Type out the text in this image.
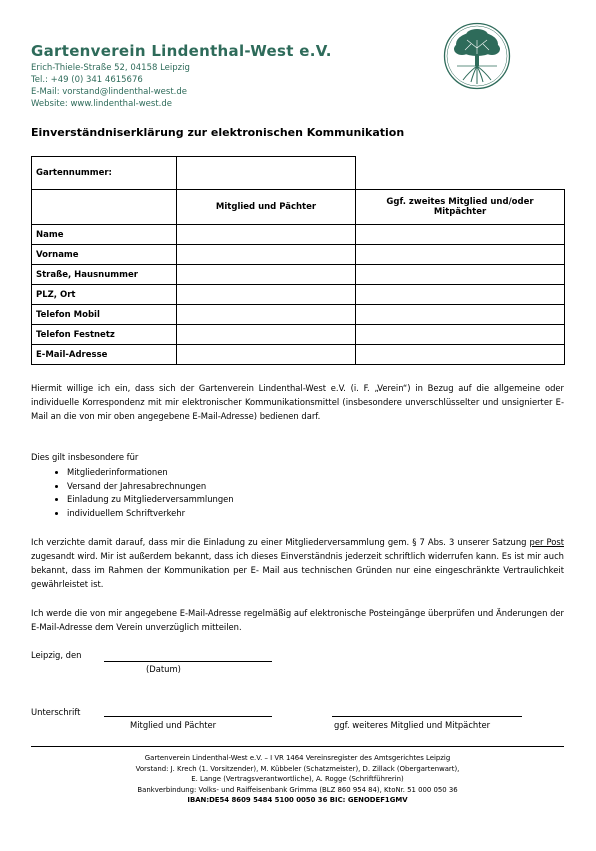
Gartenverein Lindenthal-West e.V.
Erich-Thiele-Straße 52, 04158 Leipzig
Tel.: +49 (0) 341 4615676
E-Mail: vorstand@lindenthal-west.de
Website: www.lindenthal-west.de
Einverständniserklärung zur elektronischen Kommunikation
Gartennummer:		
	Mitglied und Pächter	Ggf. zweites Mitglied und/oder Mitpächter
Name		
Vorname		
Straße, Hausnummer		
PLZ, Ort		
Telefon Mobil		
Telefon Festnetz		
E-Mail-Adresse		
Hiermit willige ich ein, dass sich der Gartenverein Lindenthal-West e.V. (i. F. „Verein“) in Bezug auf die allgemeine oder individuelle Korrespondenz mit mir elektronischer Kommunikationsmittel (insbesondere unverschlüsselter und unsignierter E-Mail an die von mir oben angegebene E-Mail-Adresse) bedienen darf.
Dies gilt insbesondere für
• Mitgliederinformationen
• Versand der Jahresabrechnungen
• Einladung zu Mitgliederversammlungen
• individuellem Schriftverkehr
Ich verzichte damit darauf, dass mir die Einladung zu einer Mitgliederversammlung gem. § 7 Abs. 3 unserer Satzung per Post zugesandt wird. Mir ist außerdem bekannt, dass ich dieses Einverständnis jederzeit schriftlich widerrufen kann. Es ist mir auch bekannt, dass im Rahmen der Kommunikation per E- Mail aus technischen Gründen nur eine eingeschränkte Vertraulichkeit gewährleistet ist.
Ich werde die von mir angegebene E-Mail-Adresse regelmäßig auf elektronische Posteingänge überprüfen und Änderungen der E-Mail-Adresse dem Verein unverzüglich mitteilen.
Leipzig, den
(Datum)
Unterschrift
Mitglied und Pächter	ggf. weiteres Mitglied und Mitpächter
Gartenverein Lindenthal-West e.V. – I VR 1464 Vereinsregister des Amtsgerichtes Leipzig
Vorstand: J. Krech (1. Vorsitzender), M. Kübbeler (Schatzmeister), D. Zillack (Obergartenwart),
E. Lange (Vertragsverantwortliche), A. Rogge (Schriftführerin)
Bankverbindung: Volks- und Raiffeisenbank Grimma (BLZ 860 954 84), KtoNr. 51 000 050 36
IBAN:DE54 8609 5484 5100 0050 36 BIC: GENODEF1GMV
